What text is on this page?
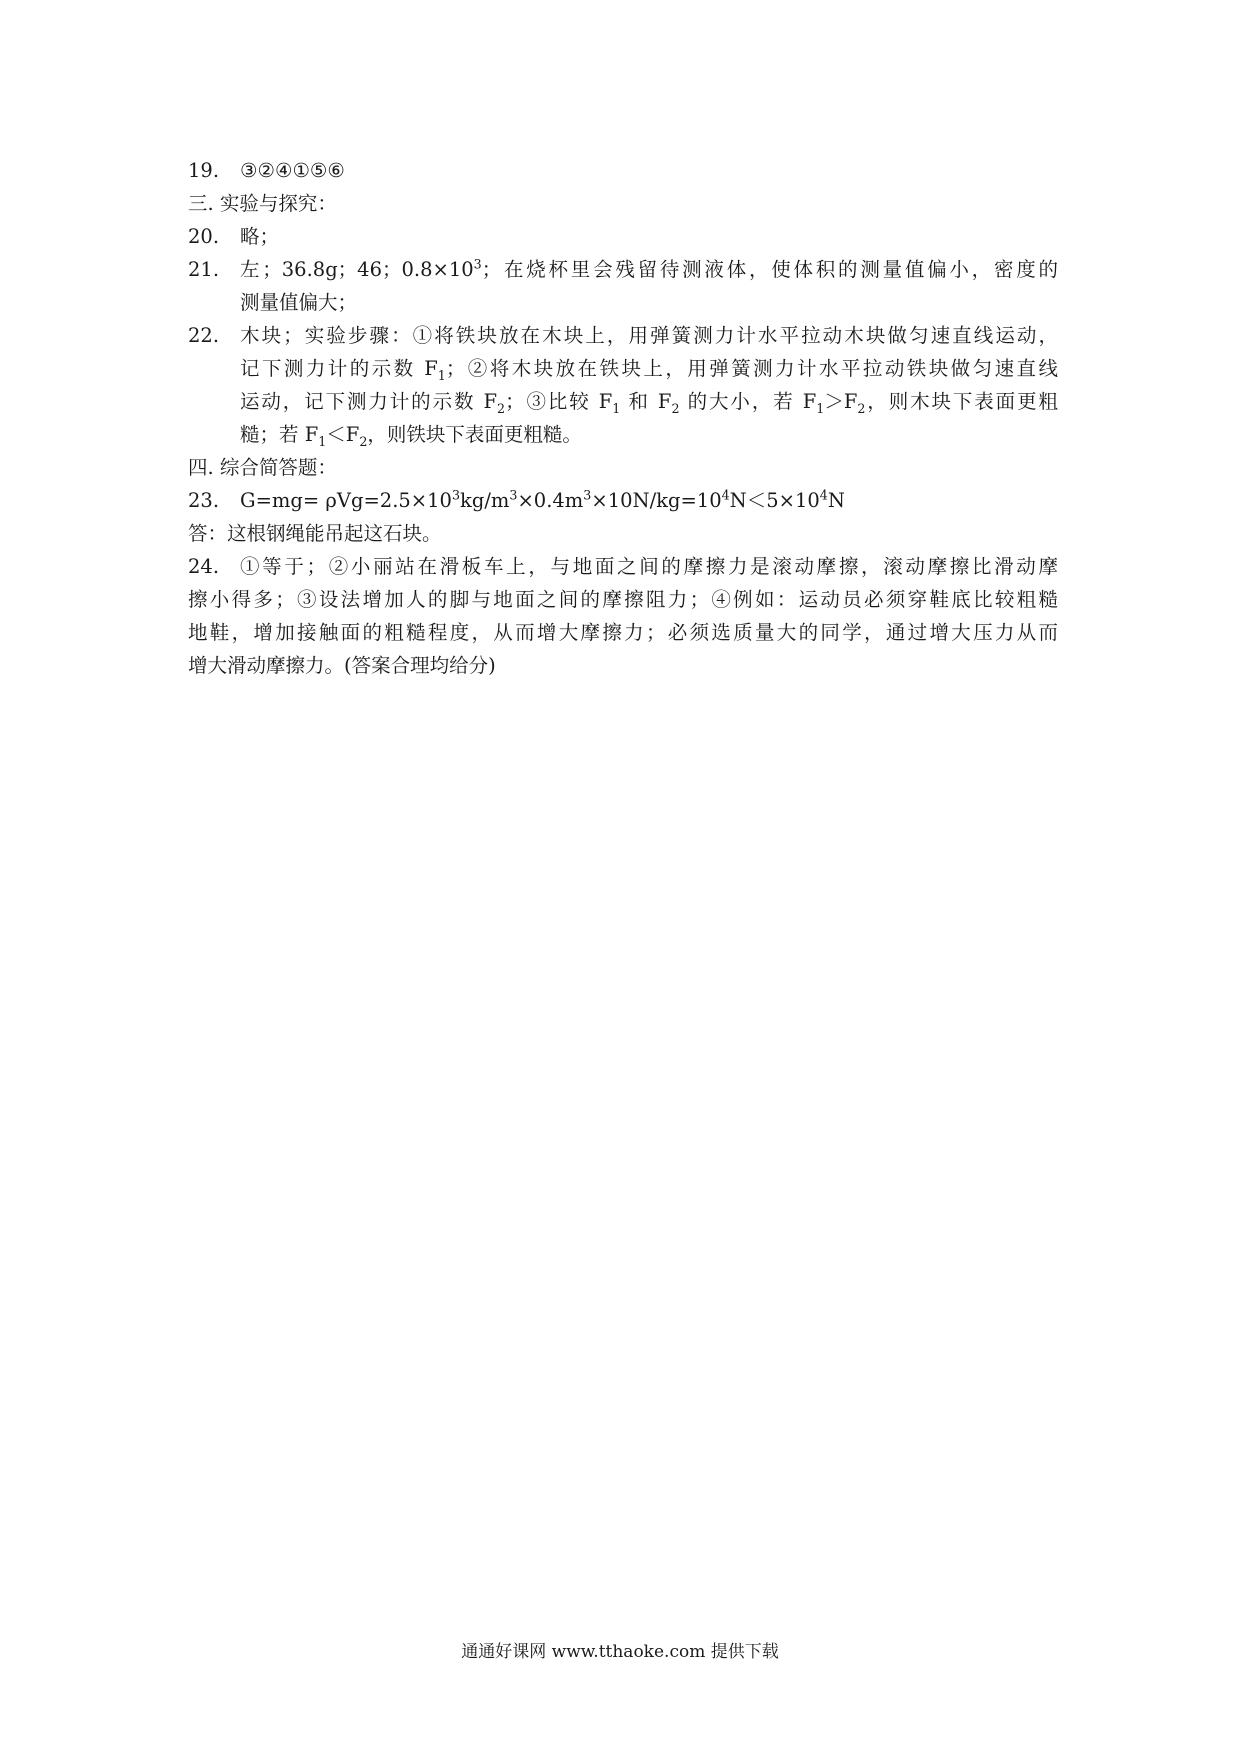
19. ③②④①⑤⑥
三. 实验与探究：
20. 略；
21. 左；36.8g；46；$0.8\times 10^3$；在烧杯里会残留待测液体，使体积的测量值偏小，密度的
测量值偏大；
22. 木块；实验步骤：①将铁块放在木块上，用弹簧测力计水平拉动木块做匀速直线运动，
记下测力计的示数 $F_1$；②将木块放在铁块上，用弹簧测力计水平拉动铁块做匀速直线
运动，记下测力计的示数 $F_2$；③比较 $F_1$ 和 $F_2$ 的大小，若 $F_1>F_2$，则木块下表面更粗
糙；若 $F_1<F_2$，则铁块下表面更粗糙。
四. 综合简答题：
23. $G=mg= \rho Vg=2.5\times 10^3kg/m^3\times 0.4m^3\times 10N/kg=10^4N<5\times 10^4N$
答：这根钢绳能吊起这石块。
24. ①等于；②小丽站在滑板车上，与地面之间的摩擦力是滚动摩擦，滚动摩擦比滑动摩
擦小得多；③设法增加人的脚与地面之间的摩擦阻力；④例如：运动员必须穿鞋底比较粗糙
地鞋，增加接触面的粗糙程度，从而增大摩擦力；必须选质量大的同学，通过增大压力从而
增大滑动摩擦力。(答案合理均给分)
通通好课网 www.tthaoke.com 提供下载
